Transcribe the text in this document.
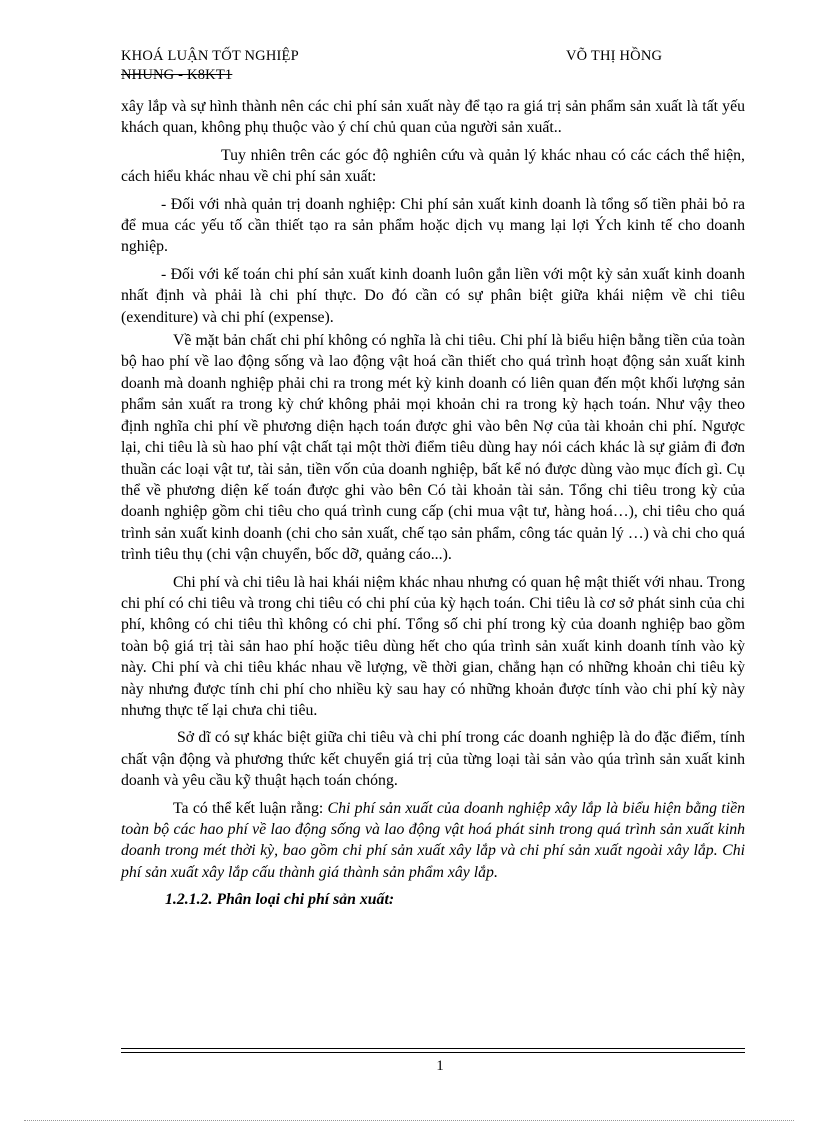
KHOÁ LUẬN TỐT NGHIỆP	VÕ THỊ HỒNG
NHUNG - K8KT1

xây lắp và sự hình thành nên các chi phí sản xuất này để tạo ra giá trị sản phẩm sản xuất là tất yếu khách quan, không phụ thuộc vào ý chí chủ quan của người sản xuất..

Tuy nhiên trên các góc độ nghiên cứu và quản lý khác nhau có các cách thể hiện, cách hiểu khác nhau về chi phí sản xuất:

- Đối với nhà quản trị doanh nghiệp: Chi phí sản xuất kinh doanh là tổng số tiền phải bỏ ra để mua các yếu tố cần thiết tạo ra sản phẩm hoặc dịch vụ mang lại lợi Ých kinh tế cho doanh nghiệp.

- Đối với kế toán chi phí sản xuất kinh doanh luôn gắn liền với một kỳ sản xuất kinh doanh nhất định và phải là chi phí thực. Do đó cần có sự phân biệt giữa khái niệm về chi tiêu (exenditure) và chi phí (expense).

Về mặt bản chất chi phí không có nghĩa là chi tiêu. Chi phí là biểu hiện bằng tiền của toàn bộ hao phí về lao động sống và lao động vật hoá cần thiết cho quá trình hoạt động sản xuất kinh doanh mà doanh nghiệp phải chi ra trong mét kỳ kinh doanh có liên quan đến một khối lượng sản phẩm sản xuất ra trong kỳ chứ không phải mọi khoản chi ra trong kỳ hạch toán. Như vậy theo định nghĩa chi phí về phương diện hạch toán được ghi vào bên Nợ của tài khoản chi phí. Ngược lại, chi tiêu là sù hao phí vật chất tại một thời điểm tiêu dùng hay nói cách khác là sự giảm đi đơn thuần các loại vật tư, tài sản, tiền vốn của doanh nghiệp, bất kể nó được dùng vào mục đích gì. Cụ thể về phương diện kế toán được ghi vào bên Có tài khoản tài sản. Tổng chi tiêu trong kỳ của doanh nghiệp gồm chi tiêu cho quá trình cung cấp (chi mua vật tư, hàng hoá…), chi tiêu cho quá trình sản xuất kinh doanh (chi cho sản xuất, chế tạo sản phẩm, công tác quản lý …) và chi cho quá trình tiêu thụ (chi vận chuyển, bốc dỡ, quảng cáo...).

Chi phí và chi tiêu là hai khái niệm khác nhau nhưng có quan hệ mật thiết với nhau. Trong chi phí có chi tiêu và trong chi tiêu có chi phí của kỳ hạch toán. Chi tiêu là cơ sở phát sinh của chi phí, không có chi tiêu thì không có chi phí. Tổng số chi phí trong kỳ của doanh nghiệp bao gồm toàn bộ giá trị tài sản hao phí hoặc tiêu dùng hết cho qúa trình sản xuất kinh doanh tính vào kỳ này. Chi phí và chi tiêu khác nhau về lượng, về thời gian, chẳng hạn có những khoản chi tiêu kỳ này nhưng được tính chi phí cho nhiều kỳ sau hay có những khoản được tính vào chi phí kỳ này nhưng thực tế lại chưa chi tiêu.

Sở dĩ có sự khác biệt giữa chi tiêu và chi phí trong các doanh nghiệp là do đặc điểm, tính chất vận động và phương thức kết chuyển giá trị của từng loại tài sản vào qúa trình sản xuất kinh doanh và yêu cầu kỹ thuật hạch toán chóng.

Ta có thể kết luận rằng: Chi phí sản xuất của doanh nghiệp xây lắp là biểu hiện bằng tiền toàn bộ các hao phí về lao động sống và lao động vật hoá phát sinh trong quá trình sản xuất kinh doanh trong mét thời kỳ, bao gồm chi phí sản xuất xây lắp và chi phí sản xuất ngoài xây lắp. Chi phí sản xuất xây lắp cấu thành giá thành sản phẩm xây lắp.

1.2.1.2. Phân loại chi phí sản xuất:

1
